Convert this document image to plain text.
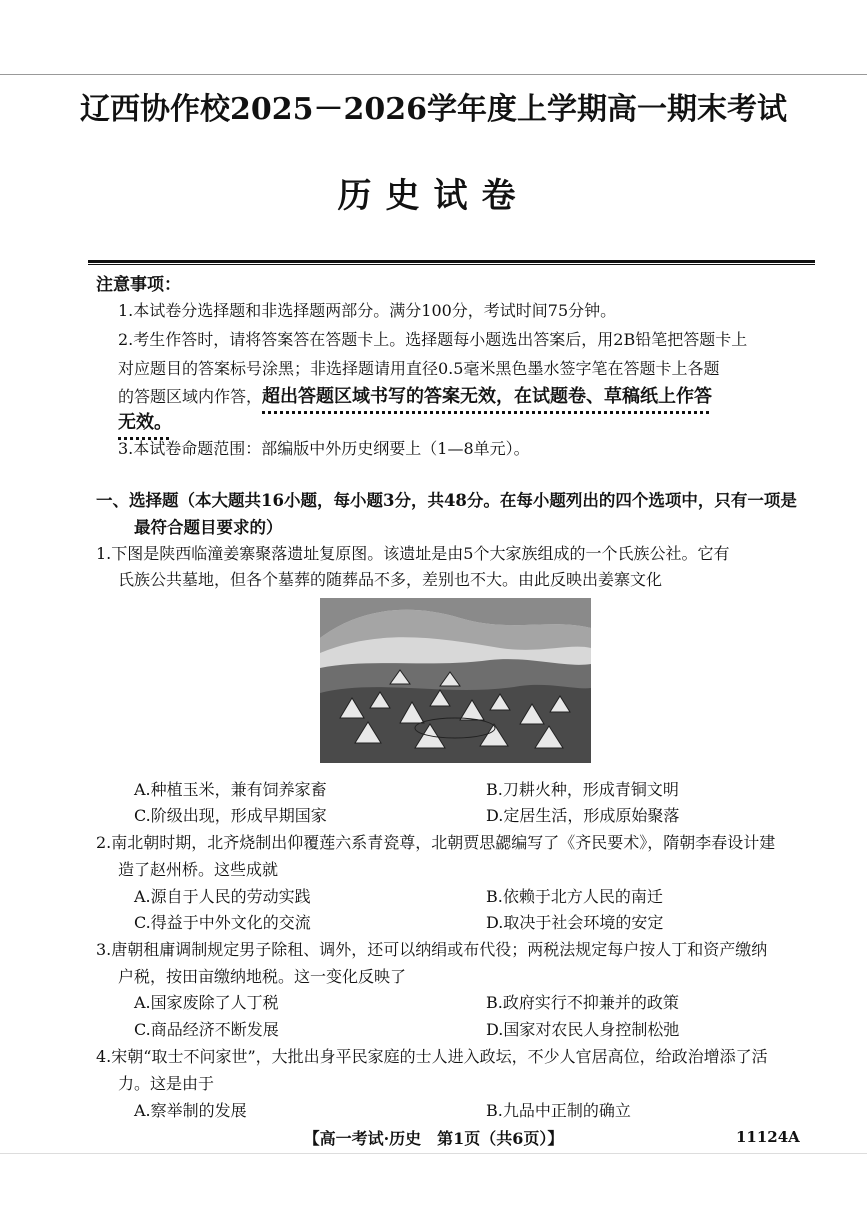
辽西协作校2025－2026学年度上学期高一期末考试
历史试卷
注意事项：
1.本试卷分选择题和非选择题两部分。满分100分，考试时间75分钟。
2.考生作答时，请将答案答在答题卡上。选择题每小题选出答案后，用2B铅笔把答题卡上
对应题目的答案标号涂黑；非选择题请用直径0.5毫米黑色墨水签字笔在答题卡上各题
的答题区域内作答，超出答题区域书写的答案无效，在试题卷、草稿纸上作答
无效。
3.本试卷命题范围：部编版中外历史纲要上（1—8单元）。
一、选择题（本大题共16小题，每小题3分，共48分。在每小题列出的四个选项中，只有一项是
最符合题目要求的）
1.下图是陕西临潼姜寨聚落遗址复原图。该遗址是由5个大家族组成的一个氏族公社。它有
氏族公共墓地，但各个墓葬的随葬品不多，差别也不大。由此反映出姜寨文化
A.种植玉米，兼有饲养家畜	B.刀耕火种，形成青铜文明
C.阶级出现，形成早期国家	D.定居生活，形成原始聚落
2.南北朝时期，北齐烧制出仰覆莲六系青瓷尊，北朝贾思勰编写了《齐民要术》，隋朝李春设计建
造了赵州桥。这些成就
A.源自于人民的劳动实践	B.依赖于北方人民的南迁
C.得益于中外文化的交流	D.取决于社会环境的安定
3.唐朝租庸调制规定男子除租、调外，还可以纳绢或布代役；两税法规定每户按人丁和资产缴纳
户税，按田亩缴纳地税。这一变化反映了
A.国家废除了人丁税	B.政府实行不抑兼并的政策
C.商品经济不断发展	D.国家对农民人身控制松弛
4.宋朝“取士不问家世”，大批出身平民家庭的士人进入政坛，不少人官居高位，给政治增添了活
力。这是由于
A.察举制的发展	B.九品中正制的确立
【高一考试·历史　第1页（共6页）】	11124A
